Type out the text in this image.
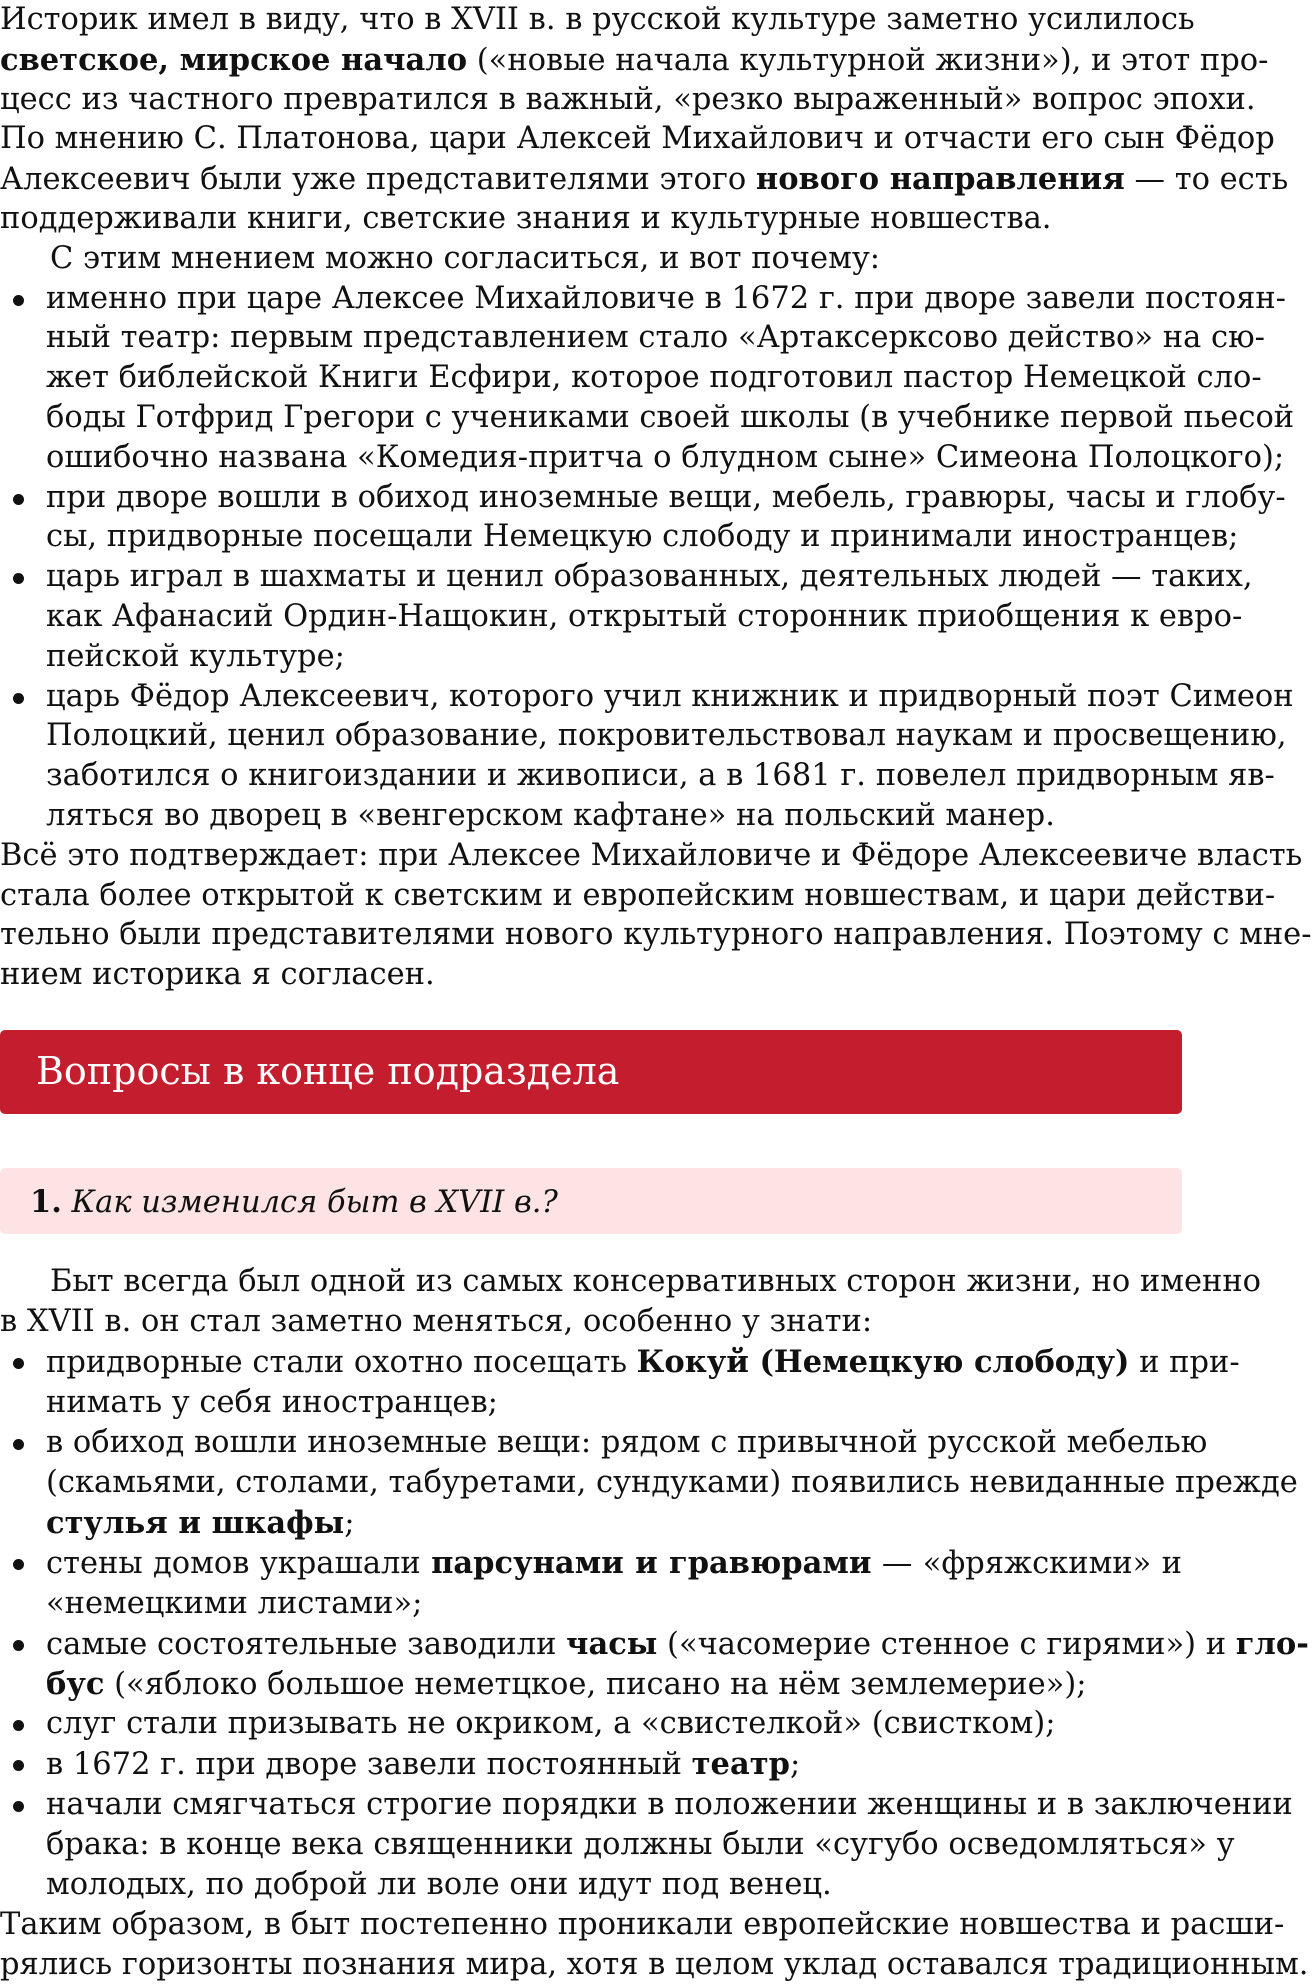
Историк имел в виду, что в XVII в. в русской культуре заметно усилилось
светское, мирское начало («новые начала культурной жизни»), и этот про-
цесс из частного превратился в важный, «резко выраженный» вопрос эпохи.
По мнению С. Платонова, цари Алексей Михайлович и отчасти его сын Фёдор
Алексеевич были уже представителями этого нового направления — то есть
поддерживали книги, светские знания и культурные новшества.
С этим мнением можно согласиться, и вот почему:
именно при царе Алексее Михайловиче в 1672 г. при дворе завели постоян-
ный театр: первым представлением стало «Артаксерксово действо» на сю-
жет библейской Книги Есфири, которое подготовил пастор Немецкой сло-
боды Готфрид Грегори с учениками своей школы (в учебнике первой пьесой
ошибочно названа «Комедия-притча о блудном сыне» Симеона Полоцкого);
при дворе вошли в обиход иноземные вещи, мебель, гравюры, часы и глобу-
сы, придворные посещали Немецкую слободу и принимали иностранцев;
царь играл в шахматы и ценил образованных, деятельных людей — таких,
как Афанасий Ордин-Нащокин, открытый сторонник приобщения к евро-
пейской культуре;
царь Фёдор Алексеевич, которого учил книжник и придворный поэт Симеон
Полоцкий, ценил образование, покровительствовал наукам и просвещению,
заботился о книгоиздании и живописи, а в 1681 г. повелел придворным яв-
ляться во дворец в «венгерском кафтане» на польский манер.
Всё это подтверждает: при Алексее Михайловиче и Фёдоре Алексеевиче власть
стала более открытой к светским и европейским новшествам, и цари действи-
тельно были представителями нового культурного направления. Поэтому с мне-
нием историка я согласен.
Вопросы в конце подраздела
1. Как изменился быт в XVII в.?
Быт всегда был одной из самых консервативных сторон жизни, но именно
в XVII в. он стал заметно меняться, особенно у знати:
придворные стали охотно посещать Кокуй (Немецкую слободу) и при-
нимать у себя иностранцев;
в обиход вошли иноземные вещи: рядом с привычной русской мебелью
(скамьями, столами, табуретами, сундуками) появились невиданные прежде
стулья и шкафы;
стены домов украшали парсунами и гравюрами — «фряжскими» и
«немецкими листами»;
самые состоятельные заводили часы («часомерие стенное с гирями») и гло-
бус («яблоко большое неметцкое, писано на нём землемерие»);
слуг стали призывать не окриком, а «свистелкой» (свистком);
в 1672 г. при дворе завели постоянный театр;
начали смягчаться строгие порядки в положении женщины и в заключении
брака: в конце века священники должны были «сугубо осведомляться» у
молодых, по доброй ли воле они идут под венец.
Таким образом, в быт постепенно проникали европейские новшества и расши-
рялись горизонты познания мира, хотя в целом уклад оставался традиционным.
